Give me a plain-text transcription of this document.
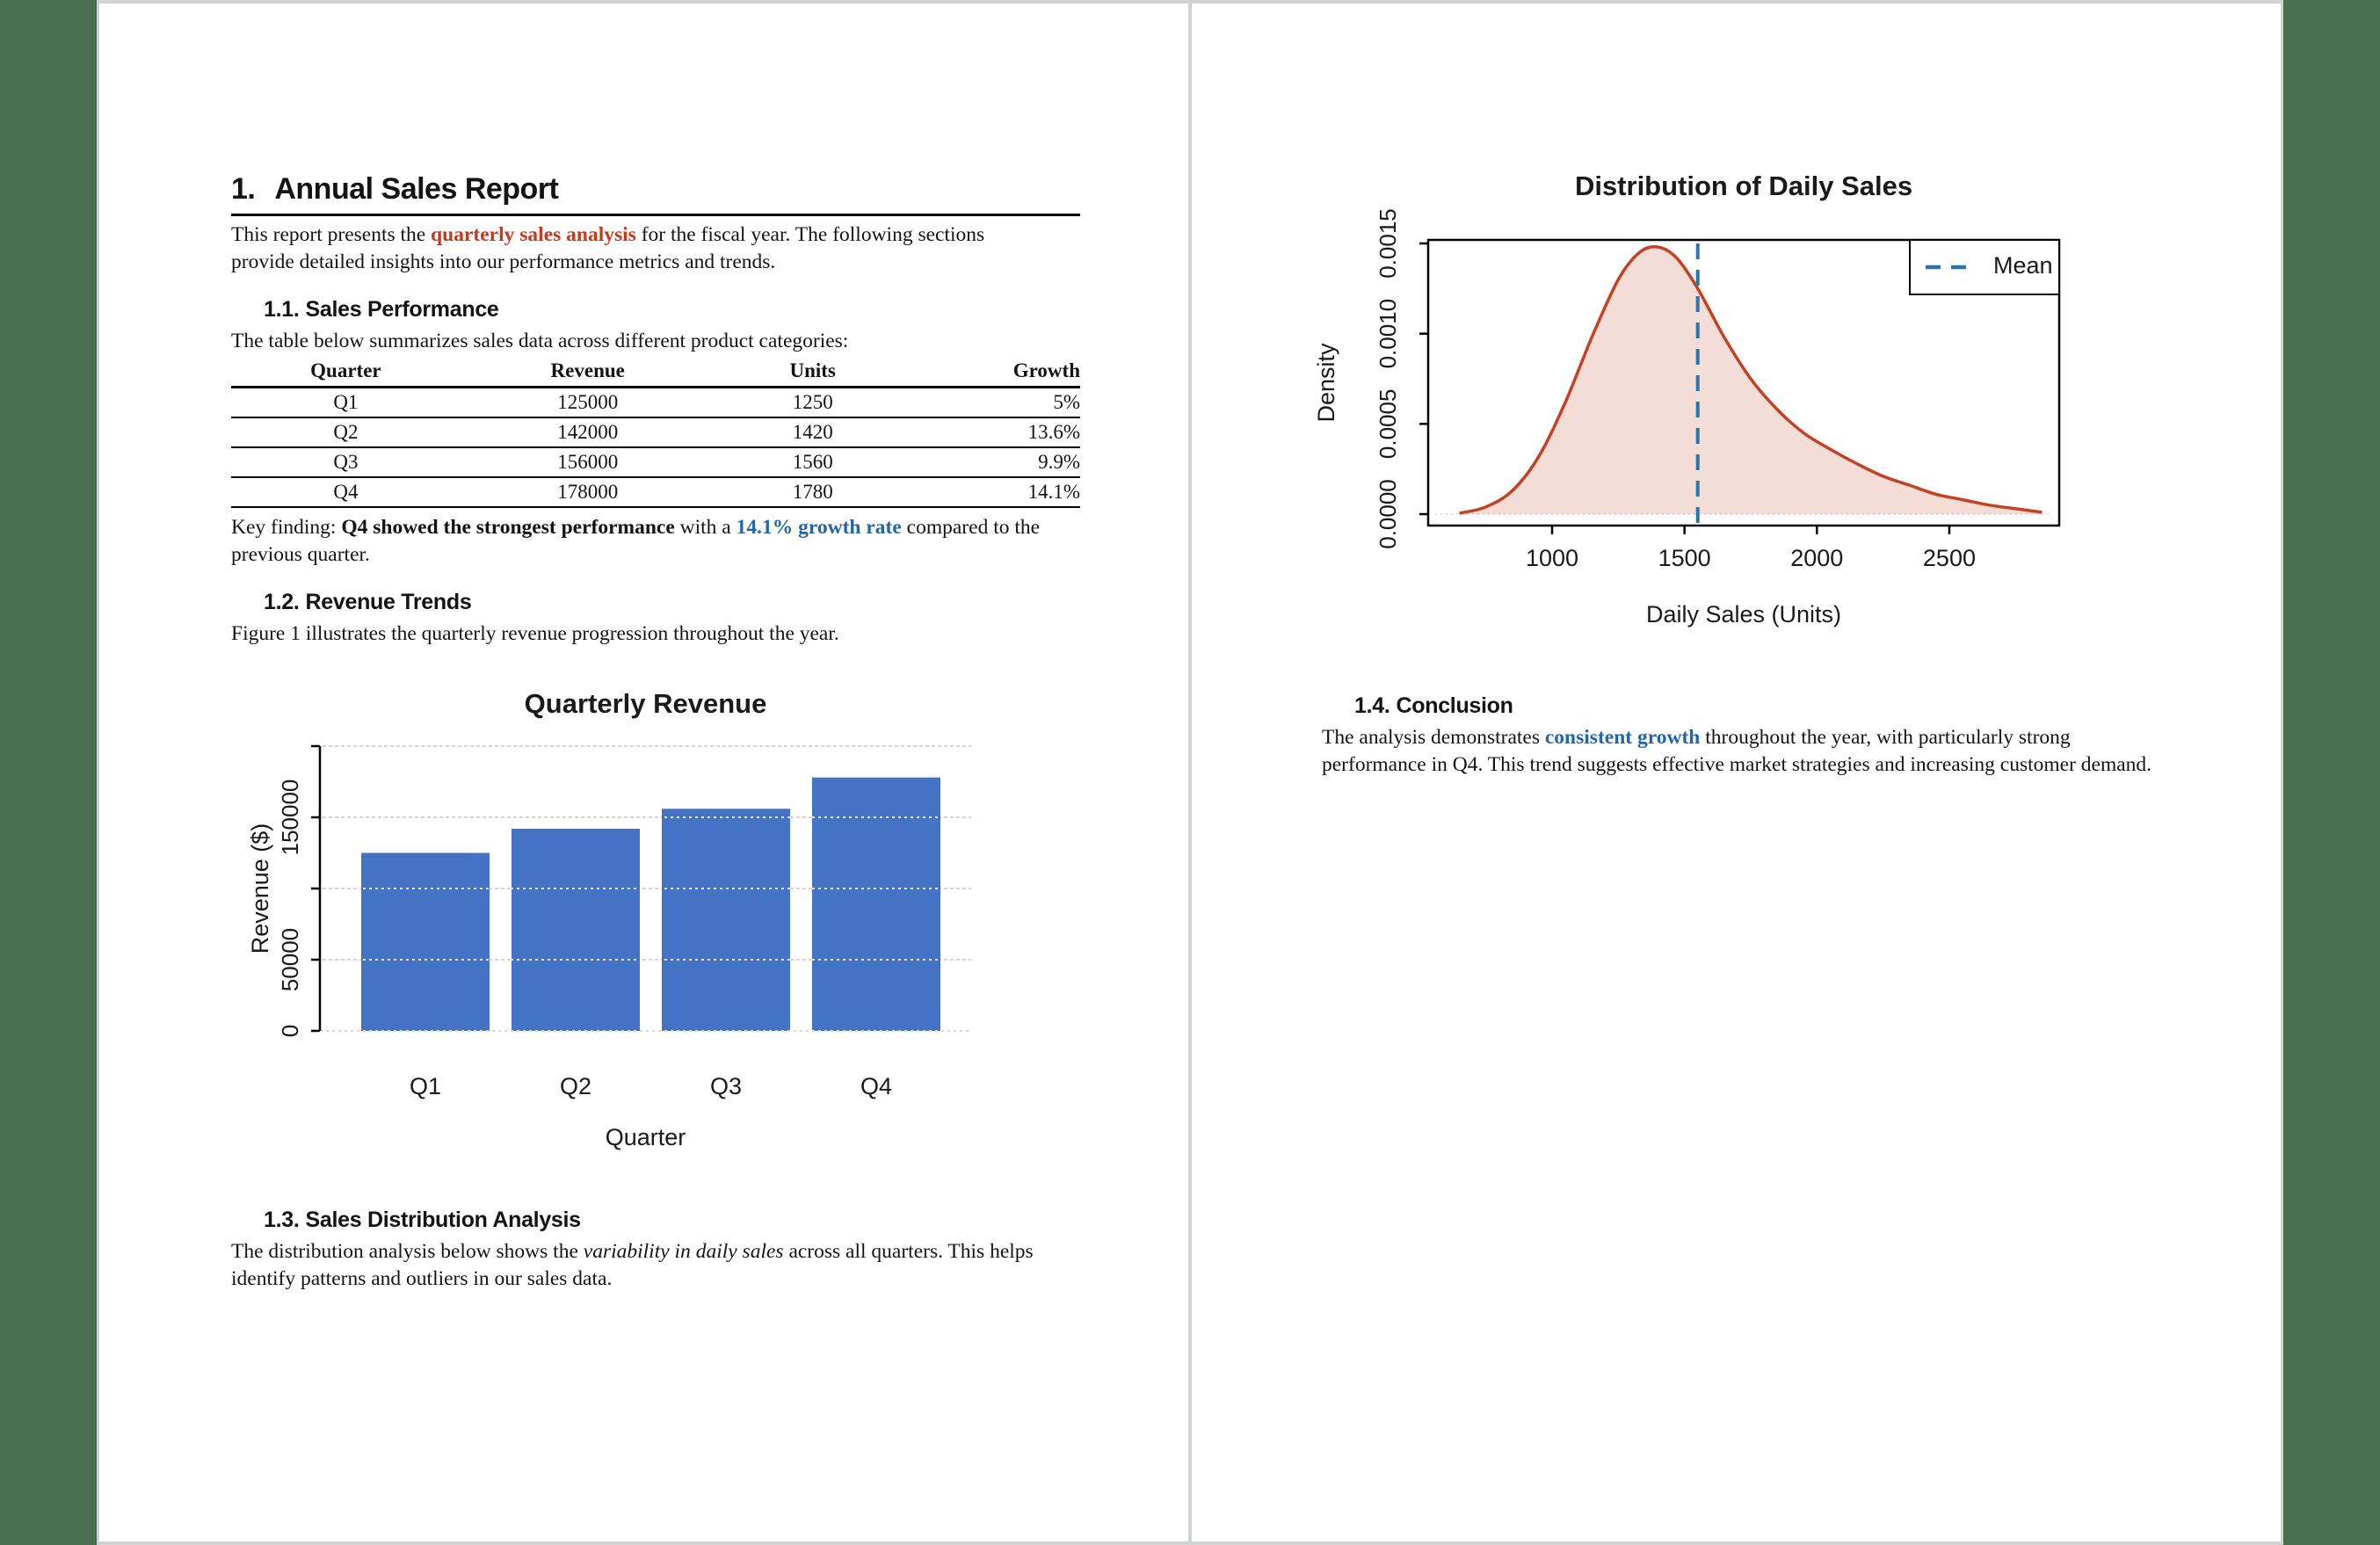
1. Annual Sales Report

This report presents the quarterly sales analysis for the fiscal year. The following sections provide detailed insights into our performance metrics and trends.

1.1. Sales Performance

The table below summarizes sales data across different product categories:

Quarter	Revenue	Units	Growth
Q1	125000	1250	5%
Q2	142000	1420	13.6%
Q3	156000	1560	9.9%
Q4	178000	1780	14.1%

Key finding: Q4 showed the strongest performance with a 14.1% growth rate compared to the previous quarter.

1.2. Revenue Trends

Figure 1 illustrates the quarterly revenue progression throughout the year.

Quarterly Revenue
0
50000
150000
Revenue ($)
Q1	Q2	Q3	Q4
Quarter
1.3. Sales Distribution Analysis

The distribution analysis below shows the variability in daily sales across all quarters. This helps identify patterns and outliers in our sales data.

Distribution of Daily Sales
0.0000
0.0005
0.0010
0.0015
Density
1000	1500	2000	2500
Daily Sales (Units)
Mean
1.4. Conclusion

The analysis demonstrates consistent growth throughout the year, with particularly strong performance in Q4. This trend suggests effective market strategies and increasing customer demand.
